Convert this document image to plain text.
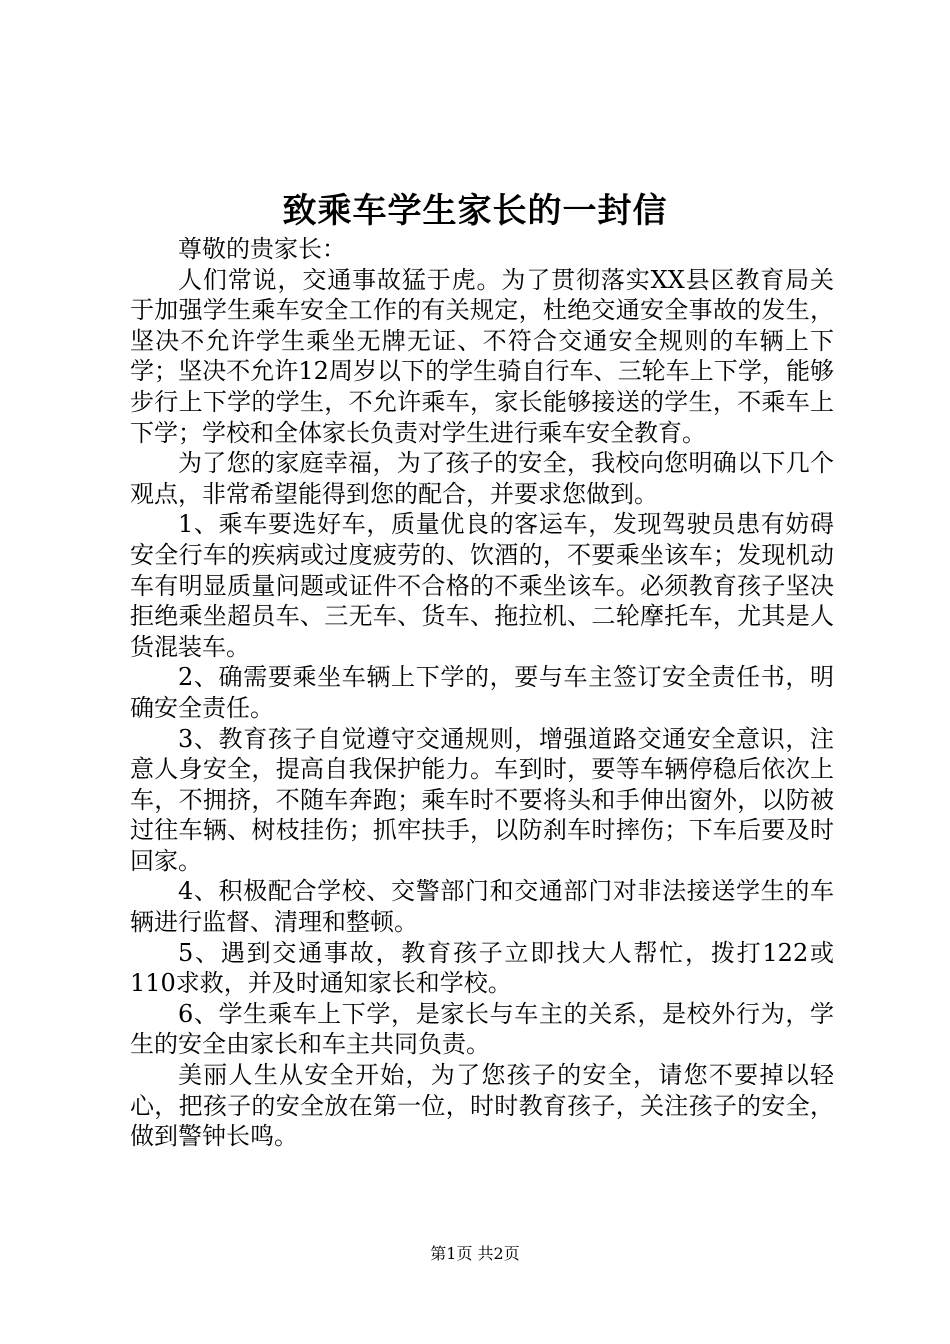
致乘车学生家长的一封信

尊敬的贵家长：

人们常说，交通事故猛于虎。为了贯彻落实XX县区教育局关于加强学生乘车安全工作的有关规定，杜绝交通安全事故的发生，坚决不允许学生乘坐无牌无证、不符合交通安全规则的车辆上下学；坚决不允许12周岁以下的学生骑自行车、三轮车上下学，能够步行上下学的学生，不允许乘车，家长能够接送的学生，不乘车上下学；学校和全体家长负责对学生进行乘车安全教育。

为了您的家庭幸福，为了孩子的安全，我校向您明确以下几个观点，非常希望能得到您的配合，并要求您做到。

1、乘车要选好车，质量优良的客运车，发现驾驶员患有妨碍安全行车的疾病或过度疲劳的、饮酒的，不要乘坐该车；发现机动车有明显质量问题或证件不合格的不乘坐该车。必须教育孩子坚决拒绝乘坐超员车、三无车、货车、拖拉机、二轮摩托车，尤其是人货混装车。

2、确需要乘坐车辆上下学的，要与车主签订安全责任书，明确安全责任。

3、教育孩子自觉遵守交通规则，增强道路交通安全意识，注意人身安全，提高自我保护能力。车到时，要等车辆停稳后依次上车，不拥挤，不随车奔跑；乘车时不要将头和手伸出窗外，以防被过往车辆、树枝挂伤；抓牢扶手，以防刹车时摔伤；下车后要及时回家。

4、积极配合学校、交警部门和交通部门对非法接送学生的车辆进行监督、清理和整顿。

5、遇到交通事故，教育孩子立即找大人帮忙，拨打122或110求救，并及时通知家长和学校。

6、学生乘车上下学，是家长与车主的关系，是校外行为，学生的安全由家长和车主共同负责。

美丽人生从安全开始，为了您孩子的安全，请您不要掉以轻心，把孩子的安全放在第一位，时时教育孩子，关注孩子的安全，做到警钟长鸣。

第1页 共2页
